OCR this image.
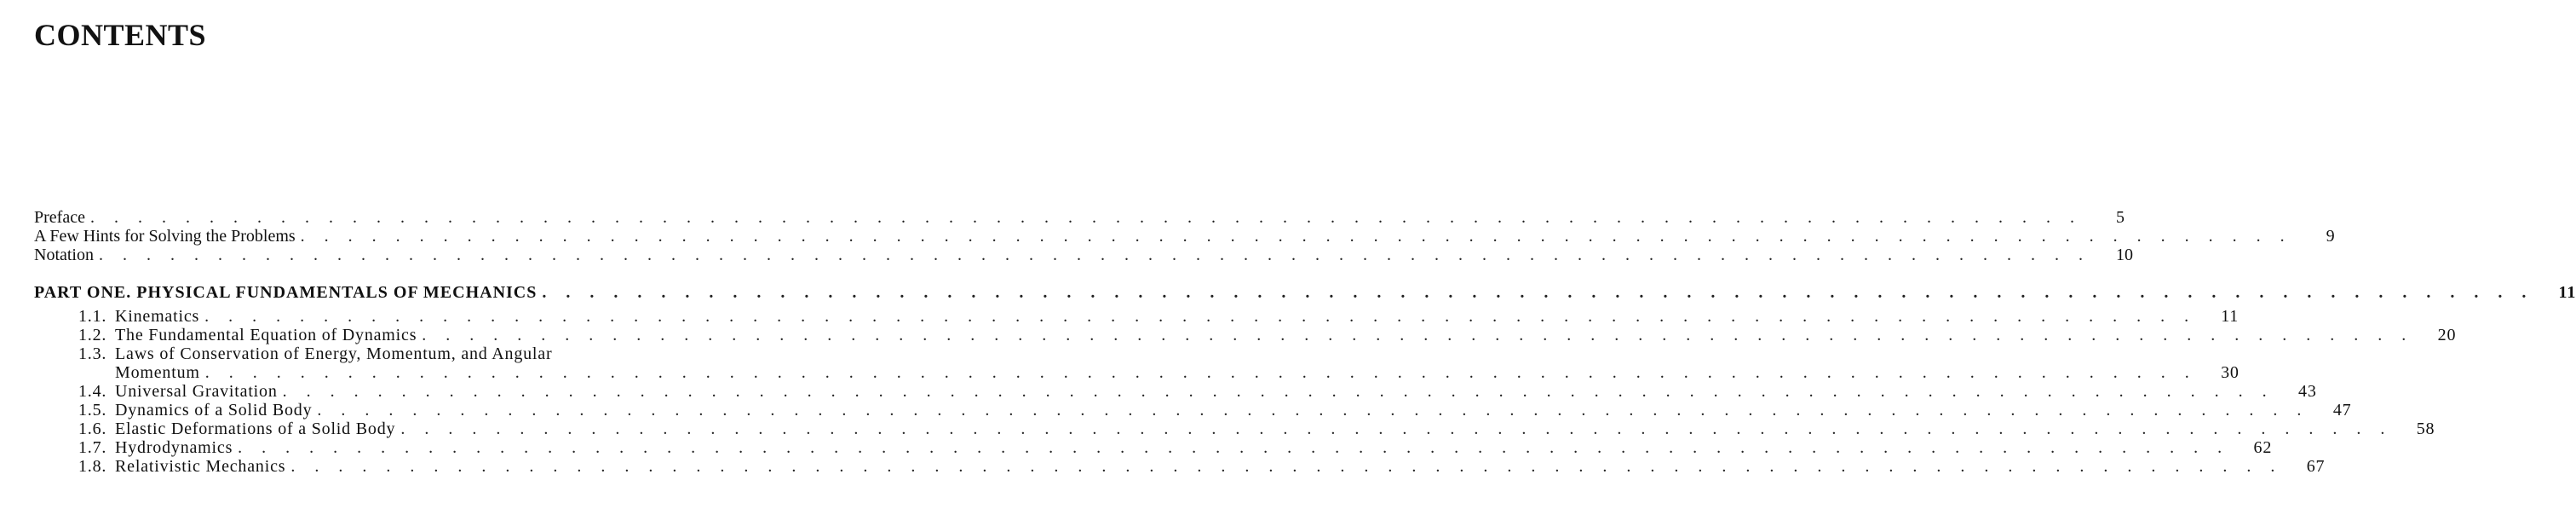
CONTENTS
Preface . . . . . . . . . . . . . . . . . . . . . . . . . . . . . . . . . . . . . . . . . . . . . . . . . . . . . . . . . . . . . . . . . . . . . . . . . . . . . . . . . . . .	5
A Few Hints for Solving the Problems . . . . . . . . . . . . . . . . . . . . . . . . . . . . . . . . . . . . . . . . . . . . . . . . . . . . . . . . . . . . . . . . . . . . . . . . . . . . . . . . . . . .	9
Notation . . . . . . . . . . . . . . . . . . . . . . . . . . . . . . . . . . . . . . . . . . . . . . . . . . . . . . . . . . . . . . . . . . . . . . . . . . . . . . . . . . . .	10
PART ONE. PHYSICAL FUNDAMENTALS OF MECHANICS . . . . . . . . . . . . . . . . . . . . . . . . . . . . . . . . . . . . . . . . . . . . . . . . . . . . . . . . . . . . . . . . . . . . . . . . . . . . . . . . . . . .	11
1.1. Kinematics . . . . . . . . . . . . . . . . . . . . . . . . . . . . . . . . . . . . . . . . . . . . . . . . . . . . . . . . . . . . . . . . . . . . . . . . . . . . . . . . . . . .	11
1.2. The Fundamental Equation of Dynamics . . . . . . . . . . . . . . . . . . . . . . . . . . . . . . . . . . . . . . . . . . . . . . . . . . . . . . . . . . . . . . . . . . . . . . . . . . . . . . . . . . . .	20
1.3. Laws of Conservation of Energy, Momentum, and Angular
Momentum . . . . . . . . . . . . . . . . . . . . . . . . . . . . . . . . . . . . . . . . . . . . . . . . . . . . . . . . . . . . . . . . . . . . . . . . . . . . . . . . . . . .	30
1.4. Universal Gravitation . . . . . . . . . . . . . . . . . . . . . . . . . . . . . . . . . . . . . . . . . . . . . . . . . . . . . . . . . . . . . . . . . . . . . . . . . . . . . . . . . . . .	43
1.5. Dynamics of a Solid Body . . . . . . . . . . . . . . . . . . . . . . . . . . . . . . . . . . . . . . . . . . . . . . . . . . . . . . . . . . . . . . . . . . . . . . . . . . . . . . . . . . . .	47
1.6. Elastic Deformations of a Solid Body . . . . . . . . . . . . . . . . . . . . . . . . . . . . . . . . . . . . . . . . . . . . . . . . . . . . . . . . . . . . . . . . . . . . . . . . . . . . . . . . . . . .	58
1.7. Hydrodynamics . . . . . . . . . . . . . . . . . . . . . . . . . . . . . . . . . . . . . . . . . . . . . . . . . . . . . . . . . . . . . . . . . . . . . . . . . . . . . . . . . . . .	62
1.8. Relativistic Mechanics . . . . . . . . . . . . . . . . . . . . . . . . . . . . . . . . . . . . . . . . . . . . . . . . . . . . . . . . . . . . . . . . . . . . . . . . . . . . . . . . . . . .	67
